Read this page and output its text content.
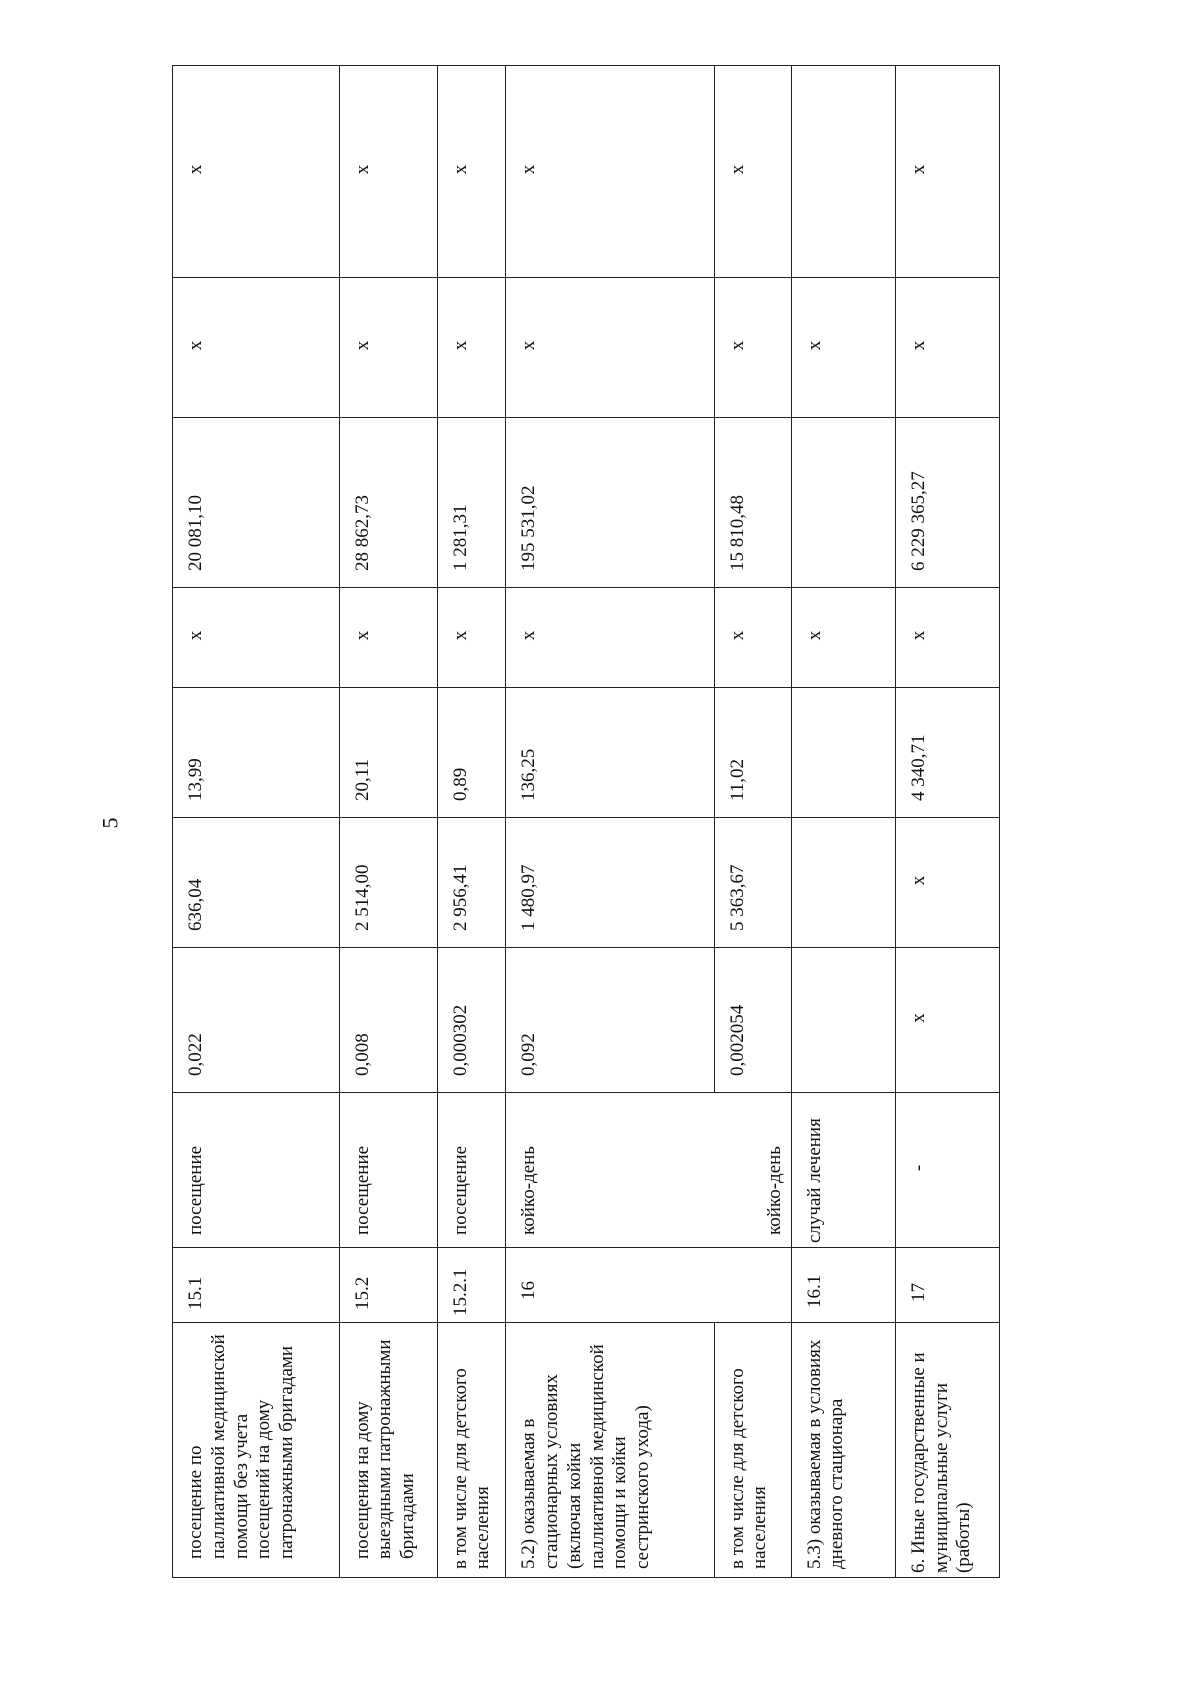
5
посещение по паллиативной медицинской помощи без учета посещений на дому патронажными бригадами	15.1	посещение	0,022	636,04	13,99	х	20 081,10	х	х
посещения на дому выездными патронажными бригадами	15.2	посещение	0,008	2 514,00	20,11	х	28 862,73	х	х
в том числе для детского населения	15.2.1	посещение	0,000302	2 956,41	0,89	х	1 281,31	х	х
5.2) оказываемая в стационарных условиях (включая койки паллиативной медицинской помощи и койки сестринского ухода)	16	койко-день	0,092	1 480,97	136,25	х	195 531,02	х	х
в том числе для детского населения		койко-день	0,002054	5 363,67	11,02	х	15 810,48	х	х
5.3) оказываемая в условиях дневного стационара	16.1	случай лечения				х		х	
6. Иные государственные и муниципальные услуги (работы)	17	-	х	х	4 340,71	х	6 229 365,27	х	х
